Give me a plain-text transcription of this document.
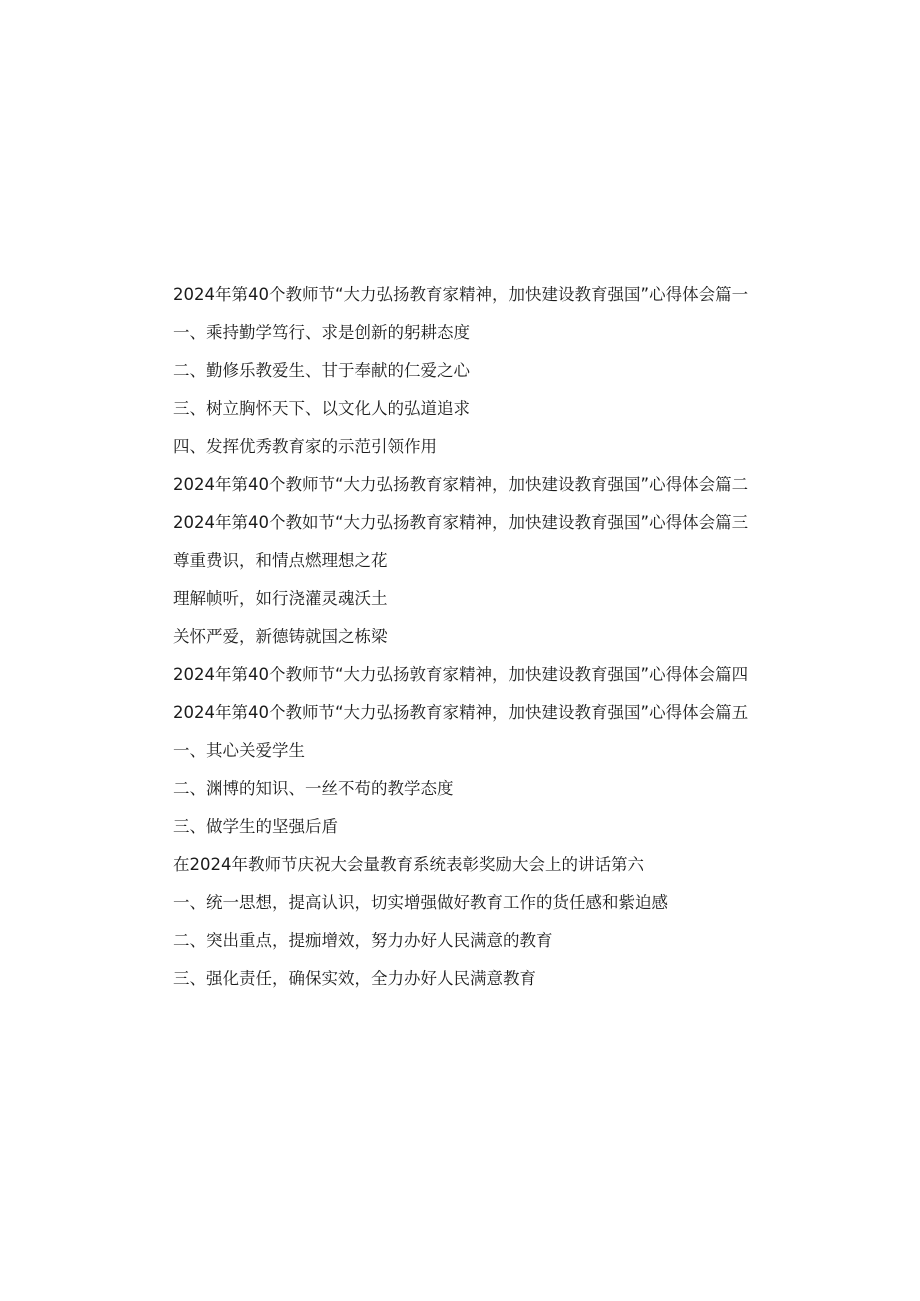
2024年第40个教师节“大力弘扬教育家精神，加快建设教育强国”心得体会篇一
一、乘持勤学笃行、求是创新的躬耕态度
二、勤修乐教爱生、甘于奉献的仁爱之心
三、树立胸怀天下、以文化人的弘道追求
四、发挥优秀教育家的示范引领作用
2024年第40个教师节“大力弘扬教育家精神，加快建设教育强国”心得体会篇二
2024年第40个教如节“大力弘扬教育家精神，加快建设教育强国”心得体会篇三
尊重费识，和情点燃理想之花
理解帧听，如行浇灌灵魂沃土
关怀严爱，新德铸就国之栋梁
2024年第40个教师节“大力弘扬敦育家精神，加快建设教育强国”心得体会篇四
2024年第40个教师节“大力弘扬教育家精神，加快建设教育强国”心得体会篇五
一、其心关爱学生
二、渊博的知识、一丝不苟的教学态度
三、做学生的坚强后盾
在2024年教师节庆祝大会量教育系统表彰奖励大会上的讲话第六
一、统一思想，提高认识，切实增强做好教育工作的货任感和紫迫感
二、突出重点，提痂增效，努力办好人民满意的教育
三、强化责任，确保实效，全力办好人民满意教育
